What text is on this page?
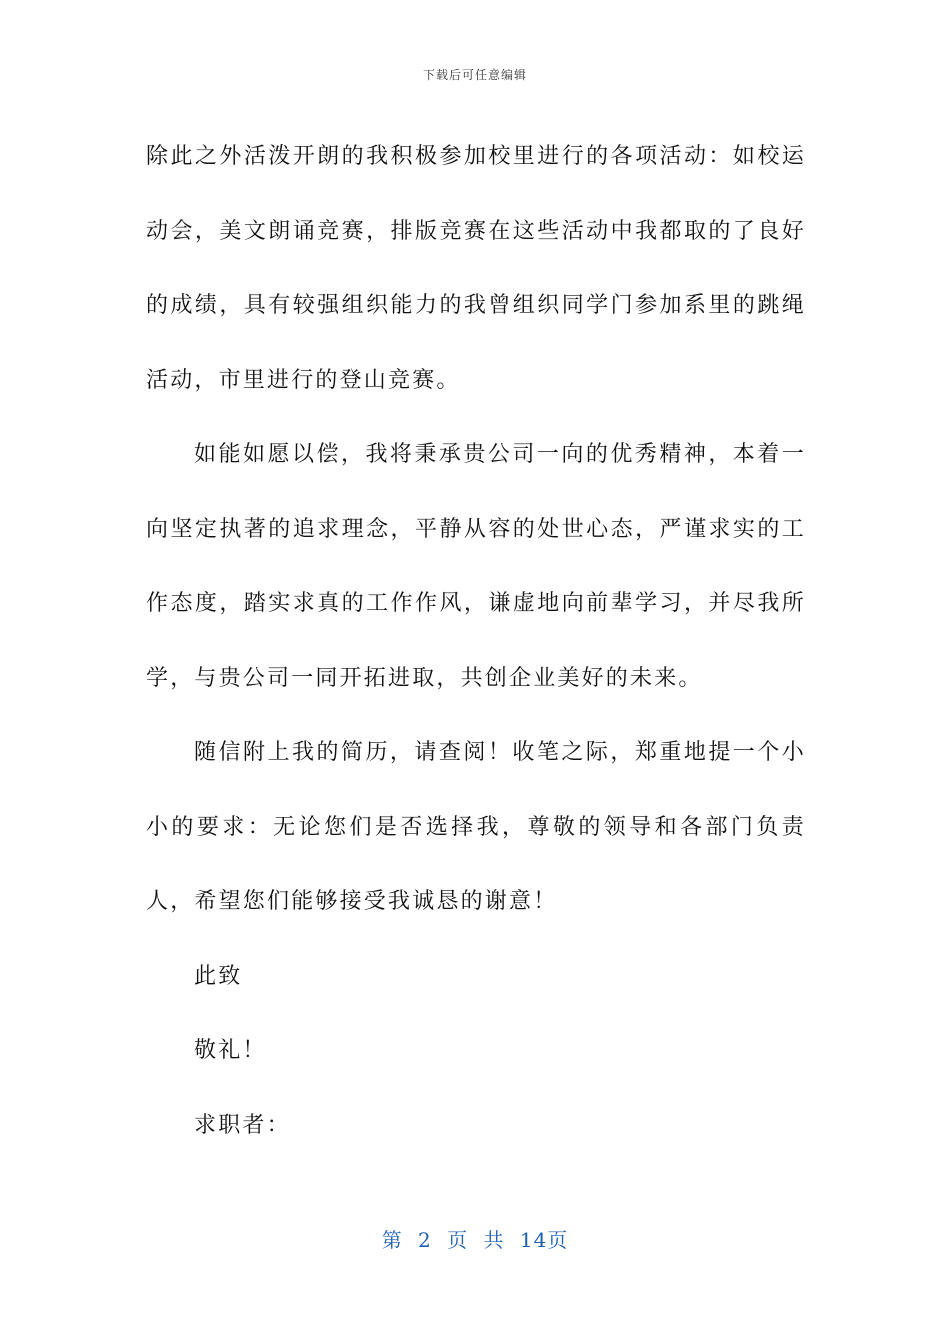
下载后可任意编辑

除此之外活泼开朗的我积极参加校里进行的各项活动：如校运动会，美文朗诵竞赛，排版竞赛在这些活动中我都取的了良好的成绩，具有较强组织能力的我曾组织同学门参加系里的跳绳活动，市里进行的登山竞赛。

如能如愿以偿，我将秉承贵公司一向的优秀精神，本着一向坚定执著的追求理念，平静从容的处世心态，严谨求实的工作态度，踏实求真的工作作风，谦虚地向前辈学习，并尽我所学，与贵公司一同开拓进取，共创企业美好的未来。

随信附上我的简历，请查阅！收笔之际，郑重地提一个小小的要求：无论您们是否选择我，尊敬的领导和各部门负责人，希望您们能够接受我诚恳的谢意！

此致

敬礼！

求职者：

第 2 页 共 14页
